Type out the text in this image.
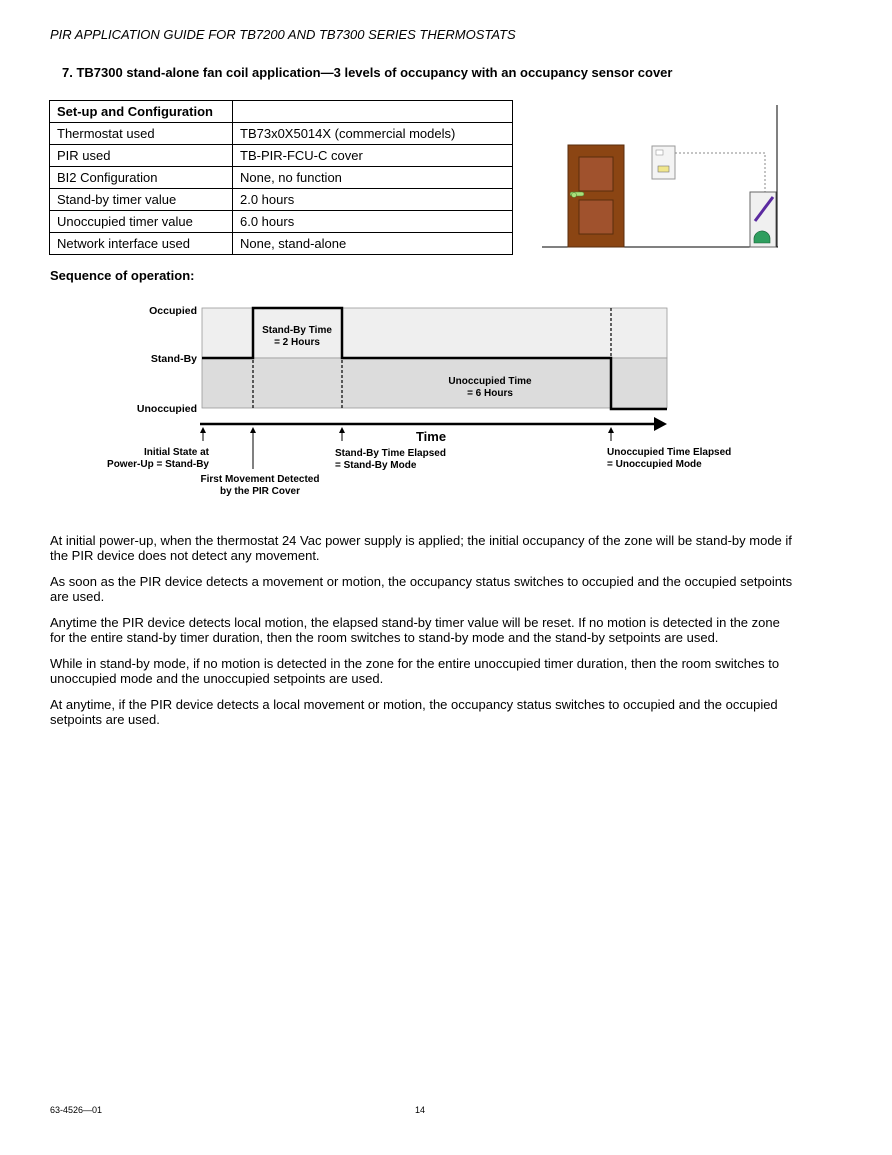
PIR APPLICATION GUIDE FOR TB7200 AND TB7300 SERIES THERMOSTATS
7. TB7300 stand-alone fan coil application—3 levels of occupancy with an occupancy sensor cover
Set-up and Configuration	
Thermostat used	TB73x0X5014X (commercial models)
PIR used	TB-PIR-FCU-C cover
BI2 Configuration	None, no function
Stand-by timer value	2.0 hours
Unoccupied timer value	6.0 hours
Network interface used	None, stand-alone
Sequence of operation:
Occupied
Stand-By
Unoccupied
Stand-By Time
= 2 Hours
Unoccupied Time
= 6 Hours
Time
Initial State at
Power-Up = Stand-By
First Movement Detected
by the PIR Cover
Stand-By Time Elapsed
= Stand-By Mode
Unoccupied Time Elapsed
= Unoccupied Mode

At initial power-up, when the thermostat 24 Vac power supply is applied; the initial occupancy of the zone will be stand-by mode if the PIR device does not detect any movement.

As soon as the PIR device detects a movement or motion, the occupancy status switches to occupied and the occupied setpoints are used.

Anytime the PIR device detects local motion, the elapsed stand-by timer value will be reset. If no motion is detected in the zone for the entire stand-by timer duration, then the room switches to stand-by mode and the stand-by setpoints are used.

While in stand-by mode, if no motion is detected in the zone for the entire unoccupied timer duration, then the room switches to unoccupied mode and the unoccupied setpoints are used.

At anytime, if the PIR device detects a local movement or motion, the occupancy status switches to occupied and the occupied setpoints are used.

63-4526—01	14
